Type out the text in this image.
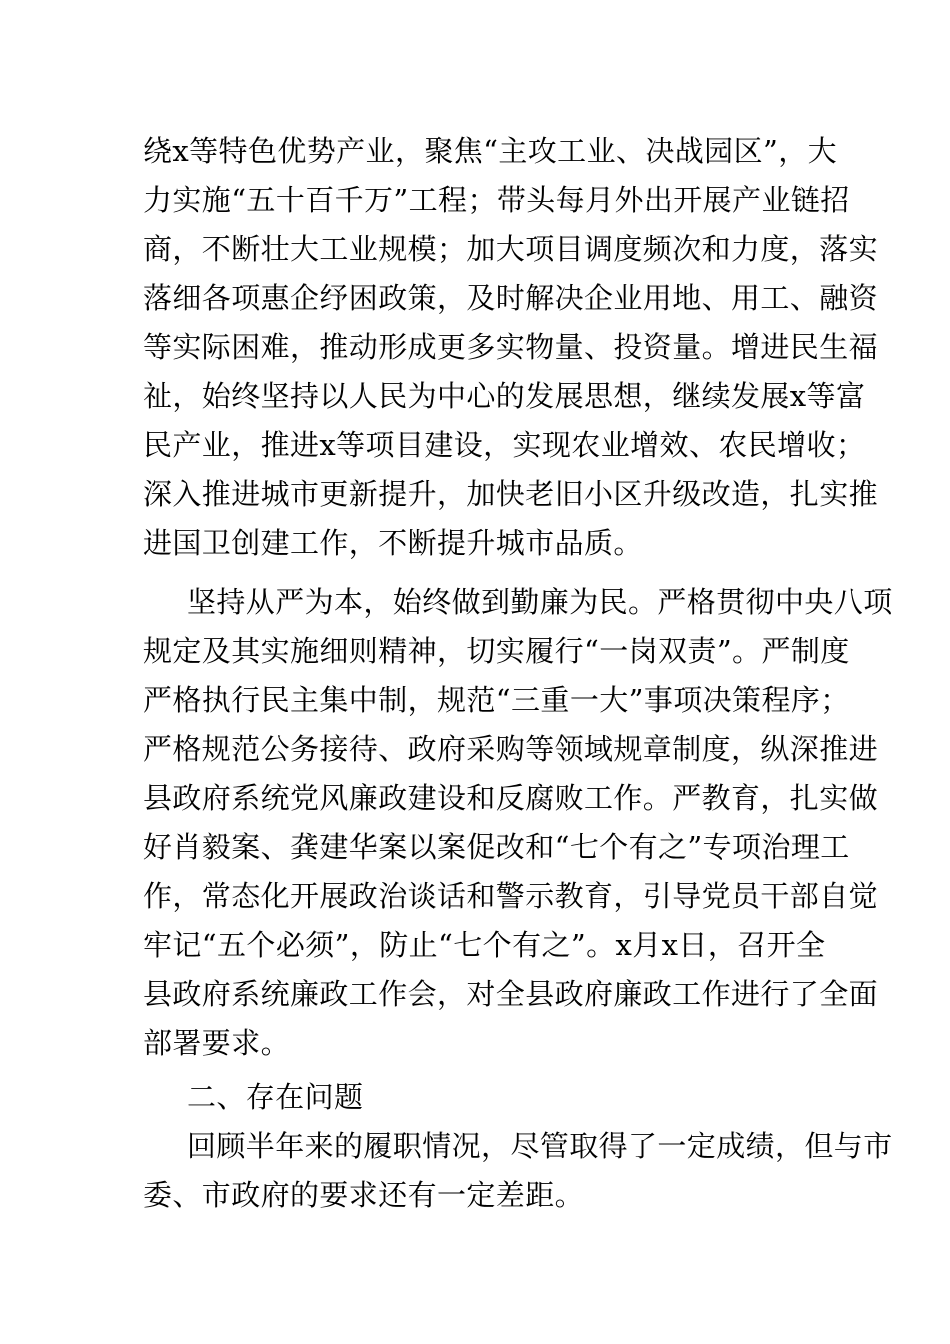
绕x等特色优势产业，聚焦“主攻工业、决战园区”，大
力实施“五十百千万”工程；带头每月外出开展产业链招
商，不断壮大工业规模；加大项目调度频次和力度，落实
落细各项惠企纾困政策，及时解决企业用地、用工、融资
等实际困难，推动形成更多实物量、投资量。增进民生福
祉，始终坚持以人民为中心的发展思想，继续发展x等富
民产业，推进x等项目建设，实现农业增效、农民增收；
深入推进城市更新提升，加快老旧小区升级改造，扎实推
进国卫创建工作，不断提升城市品质。
坚持从严为本，始终做到勤廉为民。严格贯彻中央八项
规定及其实施细则精神，切实履行“一岗双责”。严制度
严格执行民主集中制，规范“三重一大”事项决策程序；
严格规范公务接待、政府采购等领域规章制度，纵深推进
县政府系统党风廉政建设和反腐败工作。严教育，扎实做
好肖毅案、龚建华案以案促改和“七个有之”专项治理工
作，常态化开展政治谈话和警示教育，引导党员干部自觉
牢记“五个必须”，防止“七个有之”。x月x日，召开全
县政府系统廉政工作会，对全县政府廉政工作进行了全面
部署要求。
二、存在问题
回顾半年来的履职情况，尽管取得了一定成绩，但与市
委、市政府的要求还有一定差距。
